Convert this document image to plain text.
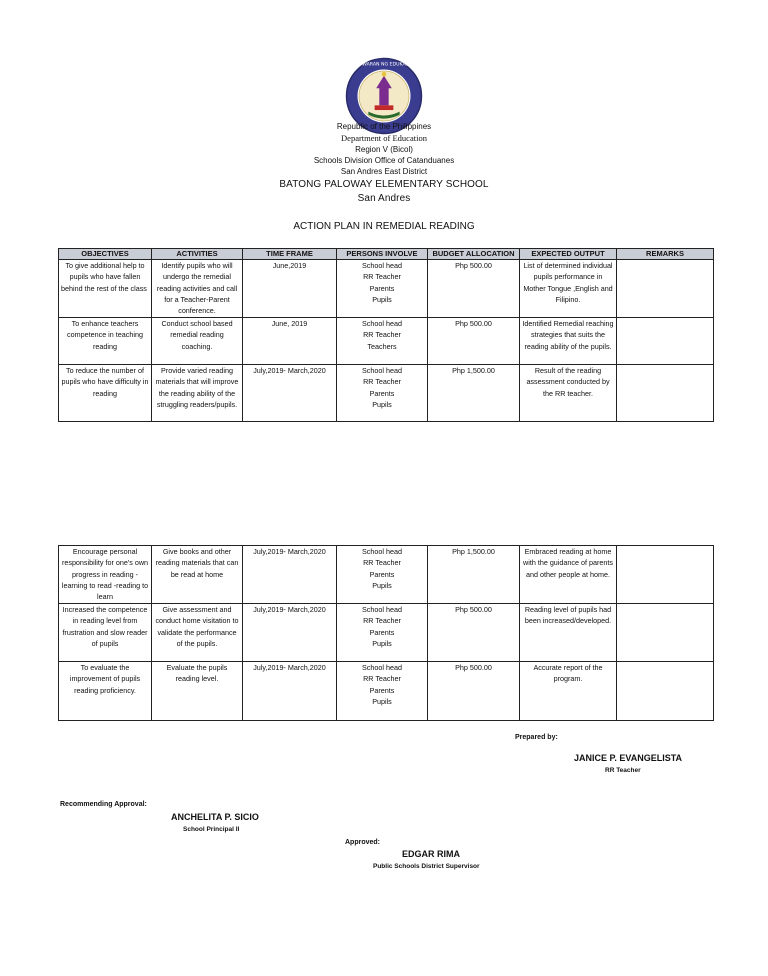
KAGAWARAN NG EDUKASYON
Republic of the Philippines
Department of Education
Region V (Bicol)
Schools Division Office of Catanduanes
San Andres East District
BATONG PALOWAY ELEMENTARY SCHOOL
San Andres
ACTION PLAN IN REMEDIAL READING
OBJECTIVES	ACTIVITIES	TIME FRAME	PERSONS INVOLVE	BUDGET ALLOCATION	EXPECTED OUTPUT	REMARKS
To give additional help to pupils who have fallen behind the rest of the class	Identify pupils who will undergo the remedial reading activities and call for a Teacher-Parent conference.	June,2019	School head
RR Teacher
Parents
Pupils	Php 500.00	List of determined individual pupils performance in Mother Tongue ,English and Filipino.	
To enhance teachers competence in teaching reading	Conduct school based remedial reading coaching.	June, 2019	School head
RR Teacher
Teachers	Php 500.00	Identified Remedial reaching strategies that suits the reading ability of the pupils.	
To reduce the number of pupils who have difficulty in reading	Provide varied reading materials that will improve the reading ability of the struggling readers/pupils.	July,2019- March,2020	School head
RR Teacher
Parents
Pupils	Php 1,500.00	Result of the reading assessment conducted by the RR teacher.	
Encourage personal responsibility for one's own progress in reading -learning to read -reading to learn	Give books and other reading materials that can be read at home	July,2019- March,2020	School head
RR Teacher
Parents
Pupils	Php 1,500.00	Embraced reading at home with the guidance of parents and other people at home.	
Increased the competence in reading level from frustration and slow reader of pupils	Give assessment and conduct home visitation to validate the performance of the pupils.	July,2019- March,2020	School head
RR Teacher
Parents
Pupils	Php 500.00	Reading level of pupils had been increased/developed.	
To evaluate the improvement of pupils reading proficiency.	Evaluate the pupils reading level.	July,2019- March,2020	School head
RR Teacher
Parents
Pupils	Php 500.00	Accurate report of the program.	
Prepared by:
JANICE P. EVANGELISTA
RR Teacher
Recommending Approval:
ANCHELITA P. SICIO
School Principal II
Approved:
EDGAR RIMA
Public Schools District Supervisor
